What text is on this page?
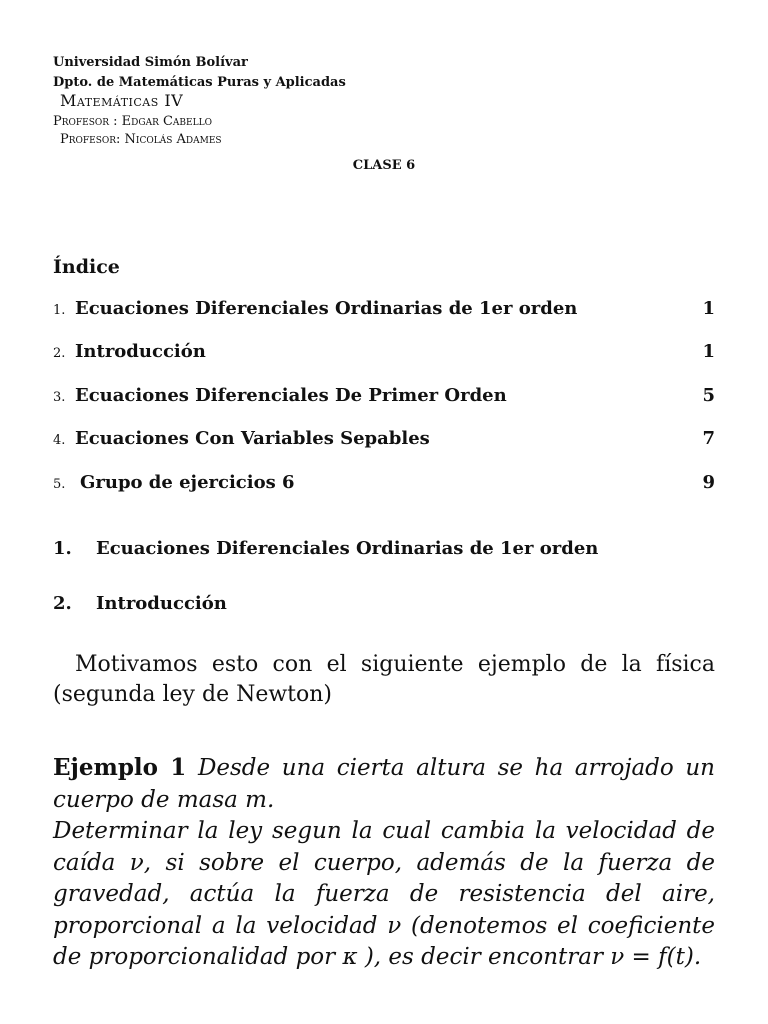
Universidad Simón Bolívar
Dpto. de Matemáticas Puras y Aplicadas
Matemáticas IV
Profesor : Edgar Cabello
Profesor: Nicolás Adames
CLASE 6
Índice
1. Ecuaciones Diferenciales Ordinarias de 1er orden	1
2. Introducción	1
3. Ecuaciones Diferenciales De Primer Orden	5
4. Ecuaciones Con Variables Sepables	7
5. Grupo de ejercicios 6	9
1.	Ecuaciones Diferenciales Ordinarias de 1er orden
2.	Introducción
Motivamos esto con el siguiente ejemplo de la física (segunda ley de Newton)
Ejemplo 1 Desde una cierta altura se ha arrojado un cuerpo de masa m.
Determinar la ley segun la cual cambia la velocidad de caída ν, si sobre el cuerpo, además de la fuerza de gravedad, actúa la fuerza de resistencia del aire, proporcional a la velocidad ν (denotemos el coeficiente de proporcionalidad por κ ), es decir encontrar ν = f(t).
